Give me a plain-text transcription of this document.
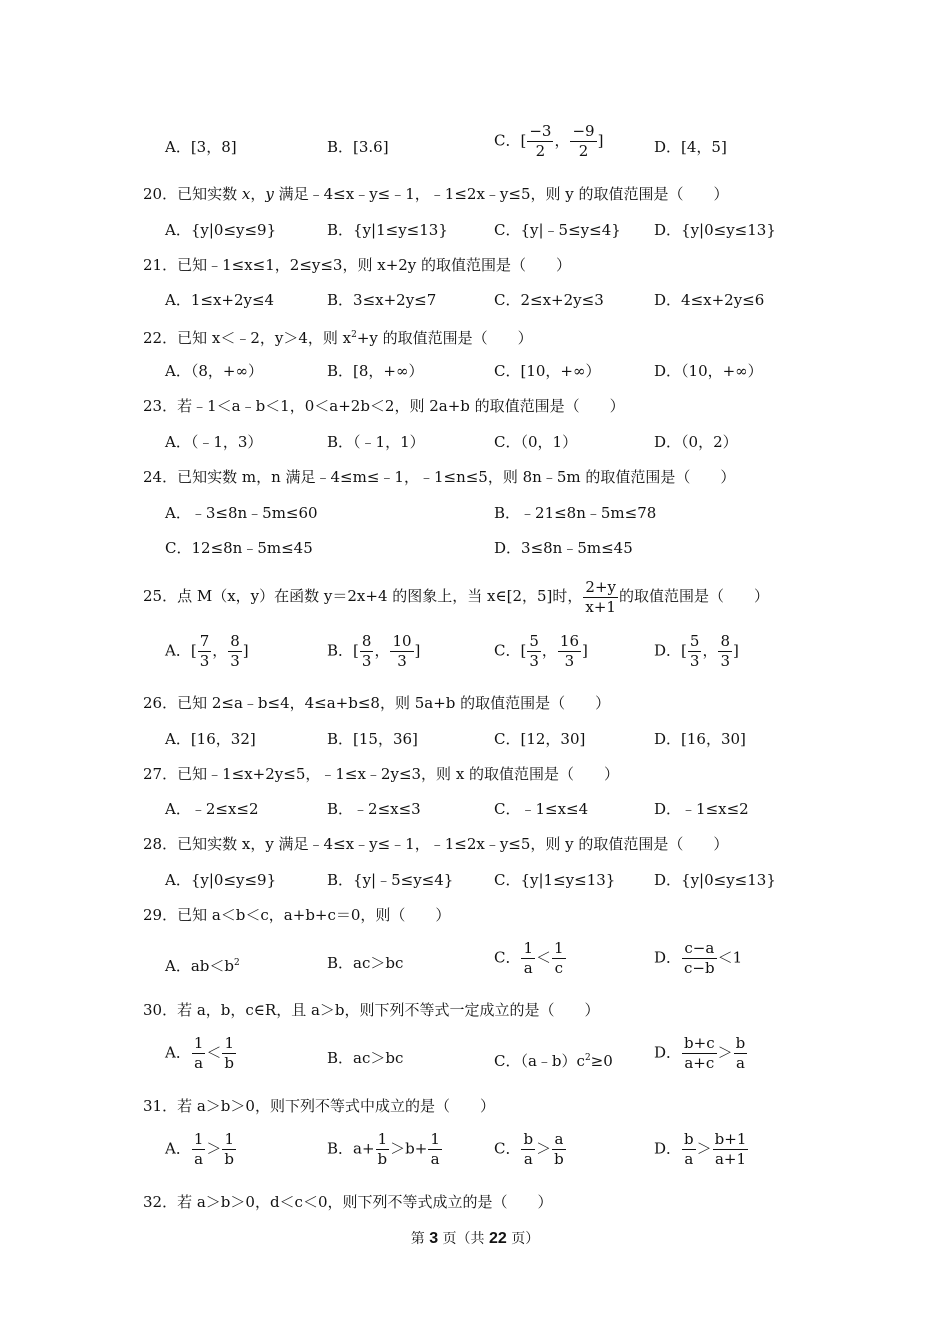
A．[3，8]	B．[3.6]	C．[ $\frac{-3}{2}$ ， $\frac{-9}{2}$ ]	D．[4，5]
20．已知实数 x，y 满足﹣4≤x﹣y≤﹣1，﹣1≤2x﹣y≤5，则 y 的取值范围是（　　）
A．{y|0≤y≤9}	B．{y|1≤y≤13}	C．{y|﹣5≤y≤4} D．{y|0≤y≤13}
21．已知﹣1≤x≤1，2≤y≤3，则 x+2y 的取值范围是（　　）
A．1≤x+2y≤4	B．3≤x+2y≤7	C．2≤x+2y≤3	D．4≤x+2y≤6
22．已知 x＜﹣2，y＞4，则 $x^2+y$ 的取值范围是（　　）
A．（8，+∞）	B．[8，+∞）	C．[10，+∞）	D．（10，+∞）
23．若﹣1＜a﹣b＜1，0＜a+2b＜2，则 2a+b 的取值范围是（　　）
A．（﹣1，3）	B．（﹣1，1）	C．（0，1）	D．（0，2）
24．已知实数 m，n 满足﹣4≤m≤﹣1，﹣1≤n≤5，则 8n﹣5m 的取值范围是（　　）
A．﹣3≤8n﹣5m≤60	B．﹣21≤8n﹣5m≤78
C．12≤8n﹣5m≤45	D．3≤8n﹣5m≤45
25．点 M（x，y）在函数 y＝2x+4 的图象上，当 x∈[2，5]时， $\frac{2+y}{x+1}$ 的取值范围是（　　）
A．[ $\frac{7}{3}$ ， $\frac{8}{3}$ ]	B．[ $\frac{8}{3}$ ， $\frac{10}{3}$ ]	C．[ $\frac{5}{3}$ ， $\frac{16}{3}$ ]	D．[ $\frac{5}{3}$ ， $\frac{8}{3}$ ]
26．已知 2≤a﹣b≤4，4≤a+b≤8，则 5a+b 的取值范围是（　　）
A．[16，32]	B．[15，36]	C．[12，30]	D．[16，30]
27．已知﹣1≤x+2y≤5，﹣1≤x﹣2y≤3，则 x 的取值范围是（　　）
A．﹣2≤x≤2	B．﹣2≤x≤3	C．﹣1≤x≤4	D．﹣1≤x≤2
28．已知实数 x，y 满足﹣4≤x﹣y≤﹣1，﹣1≤2x﹣y≤5，则 y 的取值范围是（　　）
A．{y|0≤y≤9}	B．{y|﹣5≤y≤4}	C．{y|1≤y≤13}	D．{y|0≤y≤13}
29．已知 a＜b＜c，a+b+c＝0，则（　　）
A．$ab<b^2$	B．ac＞bc	C． $\frac{1}{a} < \frac{1}{c}$	D． $\frac{c-a}{c-b} <1$
30．若 a，b，c∈R，且 a＞b，则下列不等式一定成立的是（　　）
A． $\frac{1}{a} < \frac{1}{b}$	B．ac＞bc	C．$(a﹣b)c^2\ge 0$	D． $\frac{b+c}{a+c} > \frac{b}{a}$
31．若 a＞b＞0，则下列不等式中成立的是（　　）
A． $\frac{1}{a} > \frac{1}{b}$	B．$a+ \frac{1}{b} >b+ \frac{1}{a}$	C． $\frac{b}{a} > \frac{a}{b}$	D． $\frac{b}{a} > \frac{b+1}{a+1}$
32．若 a＞b＞0，d＜c＜0，则下列不等式成立的是（　　）
第 3 页（共 22 页）
